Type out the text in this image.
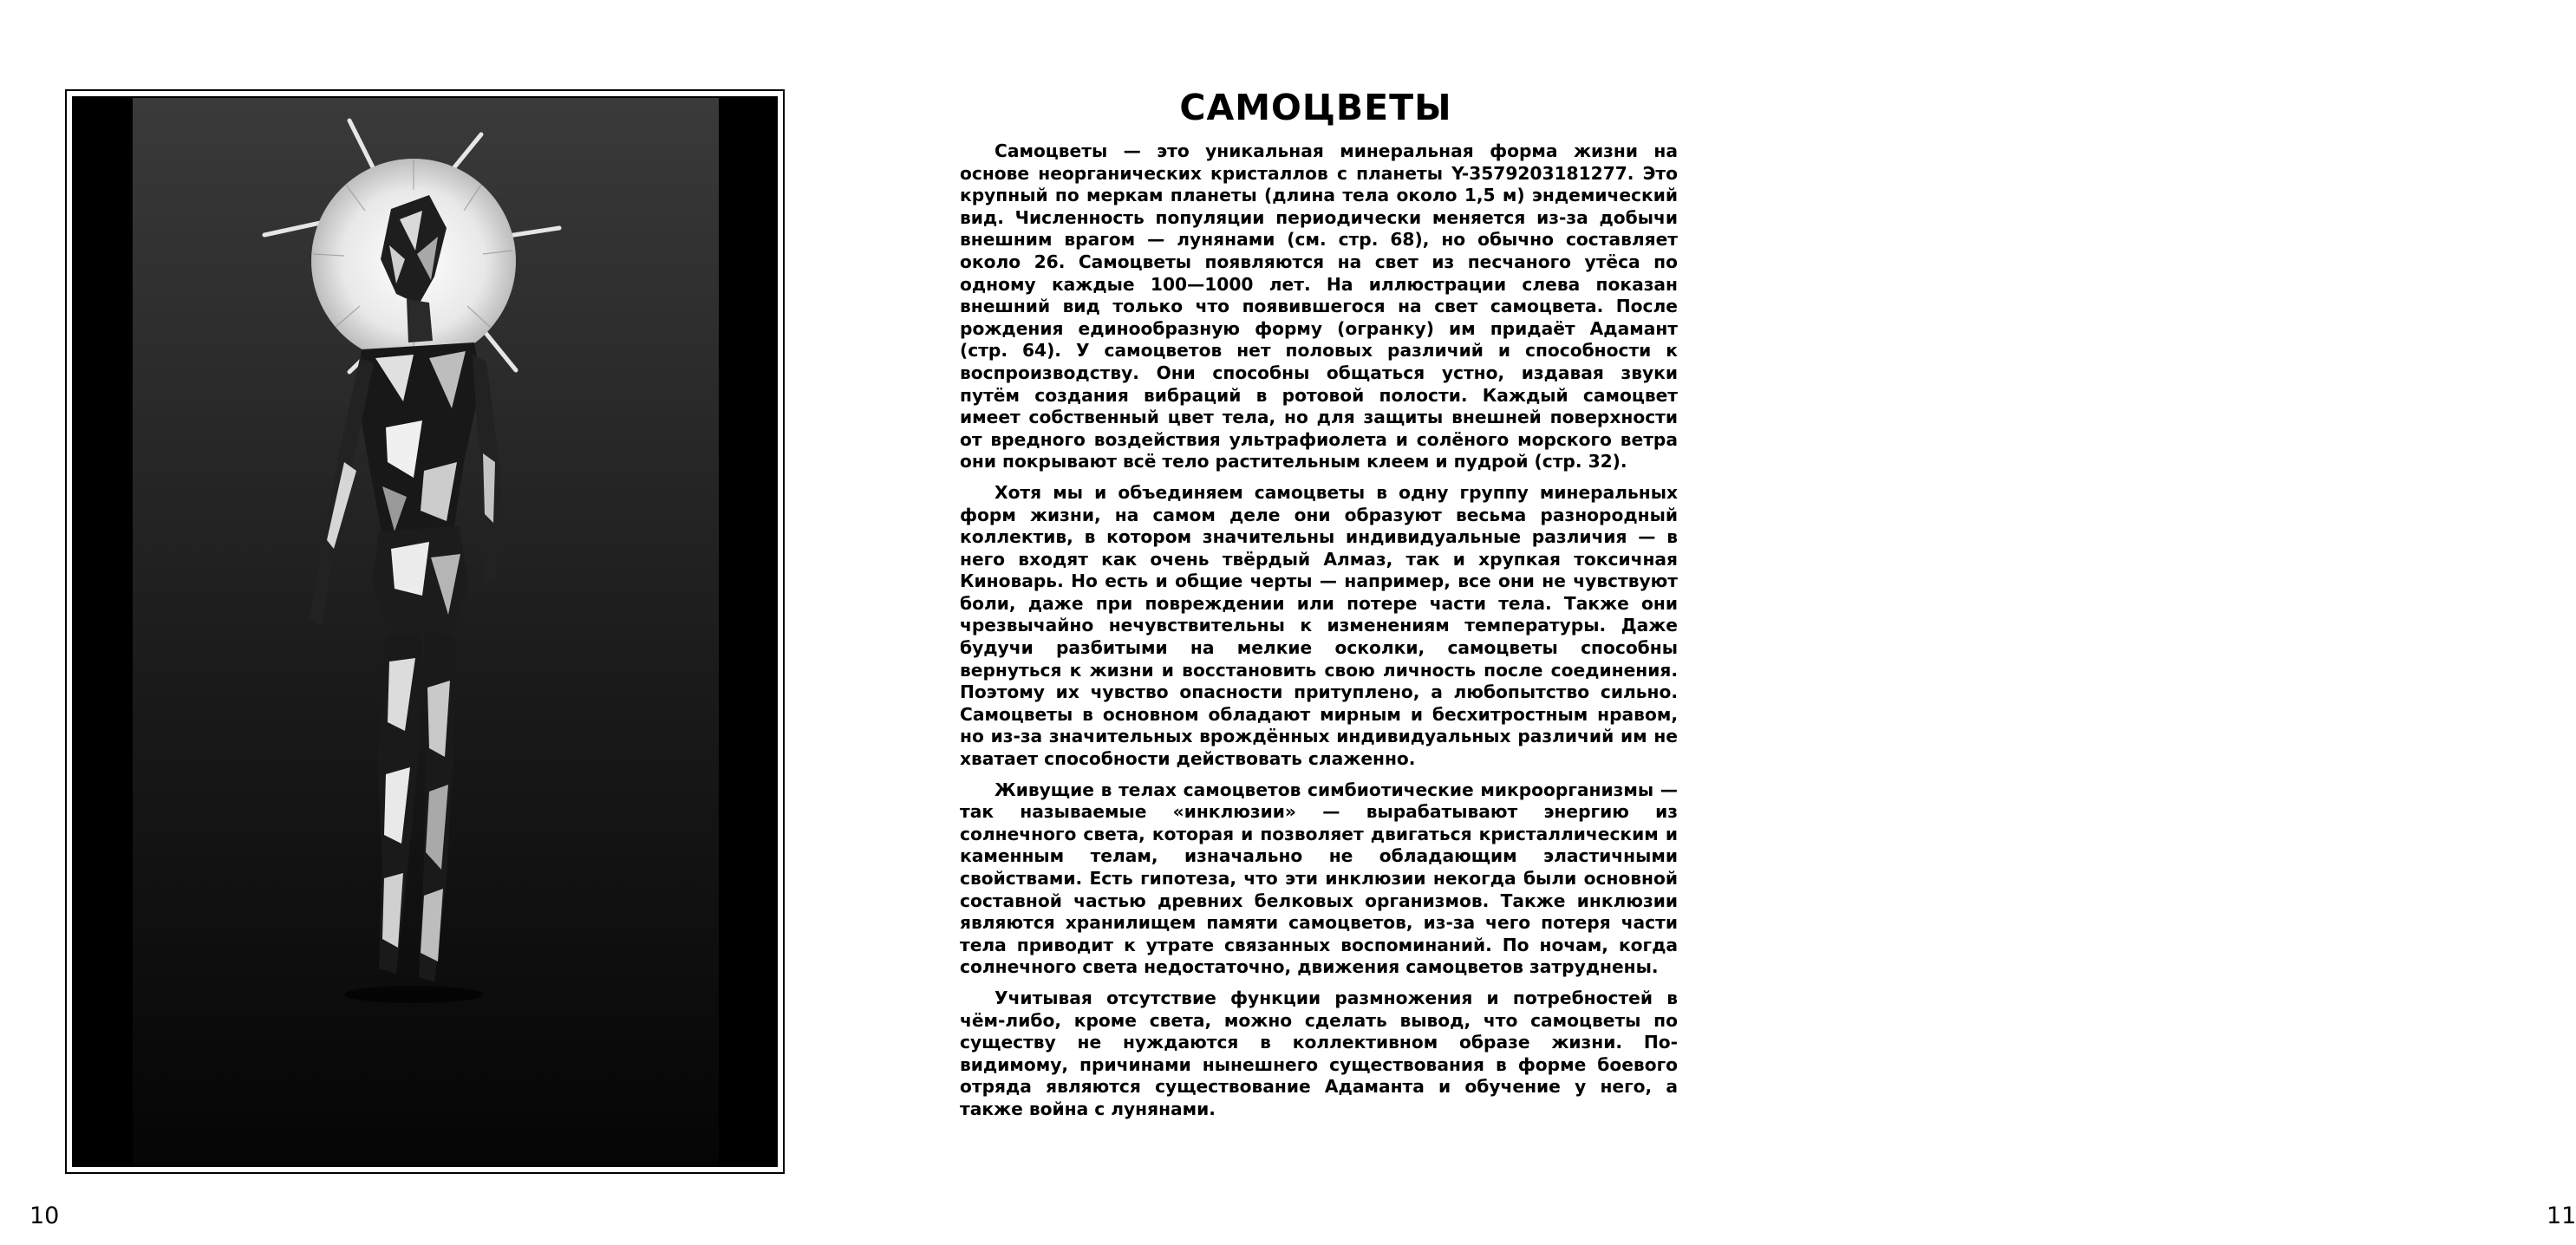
10
САМОЦВЕТЫ

Самоцветы — это уникальная минеральная форма жизни на основе неорганических кристаллов с планеты Y-3579203181277. Это крупный по меркам планеты (длина тела около 1,5 м) эндемический вид. Численность популяции периодически меняется из-за добычи внешним врагом — лунянами (см. стр. 68), но обычно составляет около 26. Самоцветы появляются на свет из песчаного утёса по одному каждые 100—1000 лет. На иллюстрации слева показан внешний вид только что появившегося на свет самоцвета. После рождения единообразную форму (огранку) им придаёт Адамант (стр. 64). У самоцветов нет половых различий и способности к воспроизводству. Они способны общаться устно, издавая звуки путём создания вибраций в ротовой полости. Каждый самоцвет имеет собственный цвет тела, но для защиты внешней поверхности от вредного воздействия ультрафиолета и солёного морского ветра они покрывают всё тело растительным клеем и пудрой (стр. 32).

Хотя мы и объединяем самоцветы в одну группу минеральных форм жизни, на самом деле они образуют весьма разнородный коллектив, в котором значительны индивидуальные различия — в него входят как очень твёрдый Алмаз, так и хрупкая токсичная Киноварь. Но есть и общие черты — например, все они не чувствуют боли, даже при повреждении или потере части тела. Также они чрезвычайно нечувствительны к изменениям температуры. Даже будучи разбитыми на мелкие осколки, самоцветы способны вернуться к жизни и восстановить свою личность после соединения. Поэтому их чувство опасности притуплено, а любопытство сильно. Самоцветы в основном обладают мирным и бесхитростным нравом, но из-за значительных врождённых индивидуальных различий им не хватает способности действовать слаженно.

Живущие в телах самоцветов симбиотические микроорганизмы — так называемые «инклюзии» — вырабатывают энергию из солнечного света, которая и позволяет двигаться кристаллическим и каменным телам, изначально не обладающим эластичными свойствами. Есть гипотеза, что эти инклюзии некогда были основной составной частью древних белковых организмов. Также инклюзии являются хранилищем памяти самоцветов, из-за чего потеря части тела приводит к утрате связанных воспоминаний. По ночам, когда солнечного света недостаточно, движения самоцветов затруднены.

Учитывая отсутствие функции размножения и потребностей в чём-либо, кроме света, можно сделать вывод, что самоцветы по существу не нуждаются в коллективном образе жизни. По-видимому, причинами нынешнего существования в форме боевого отряда являются существование Адаманта и обучение у него, а также война с лунянами.

11
